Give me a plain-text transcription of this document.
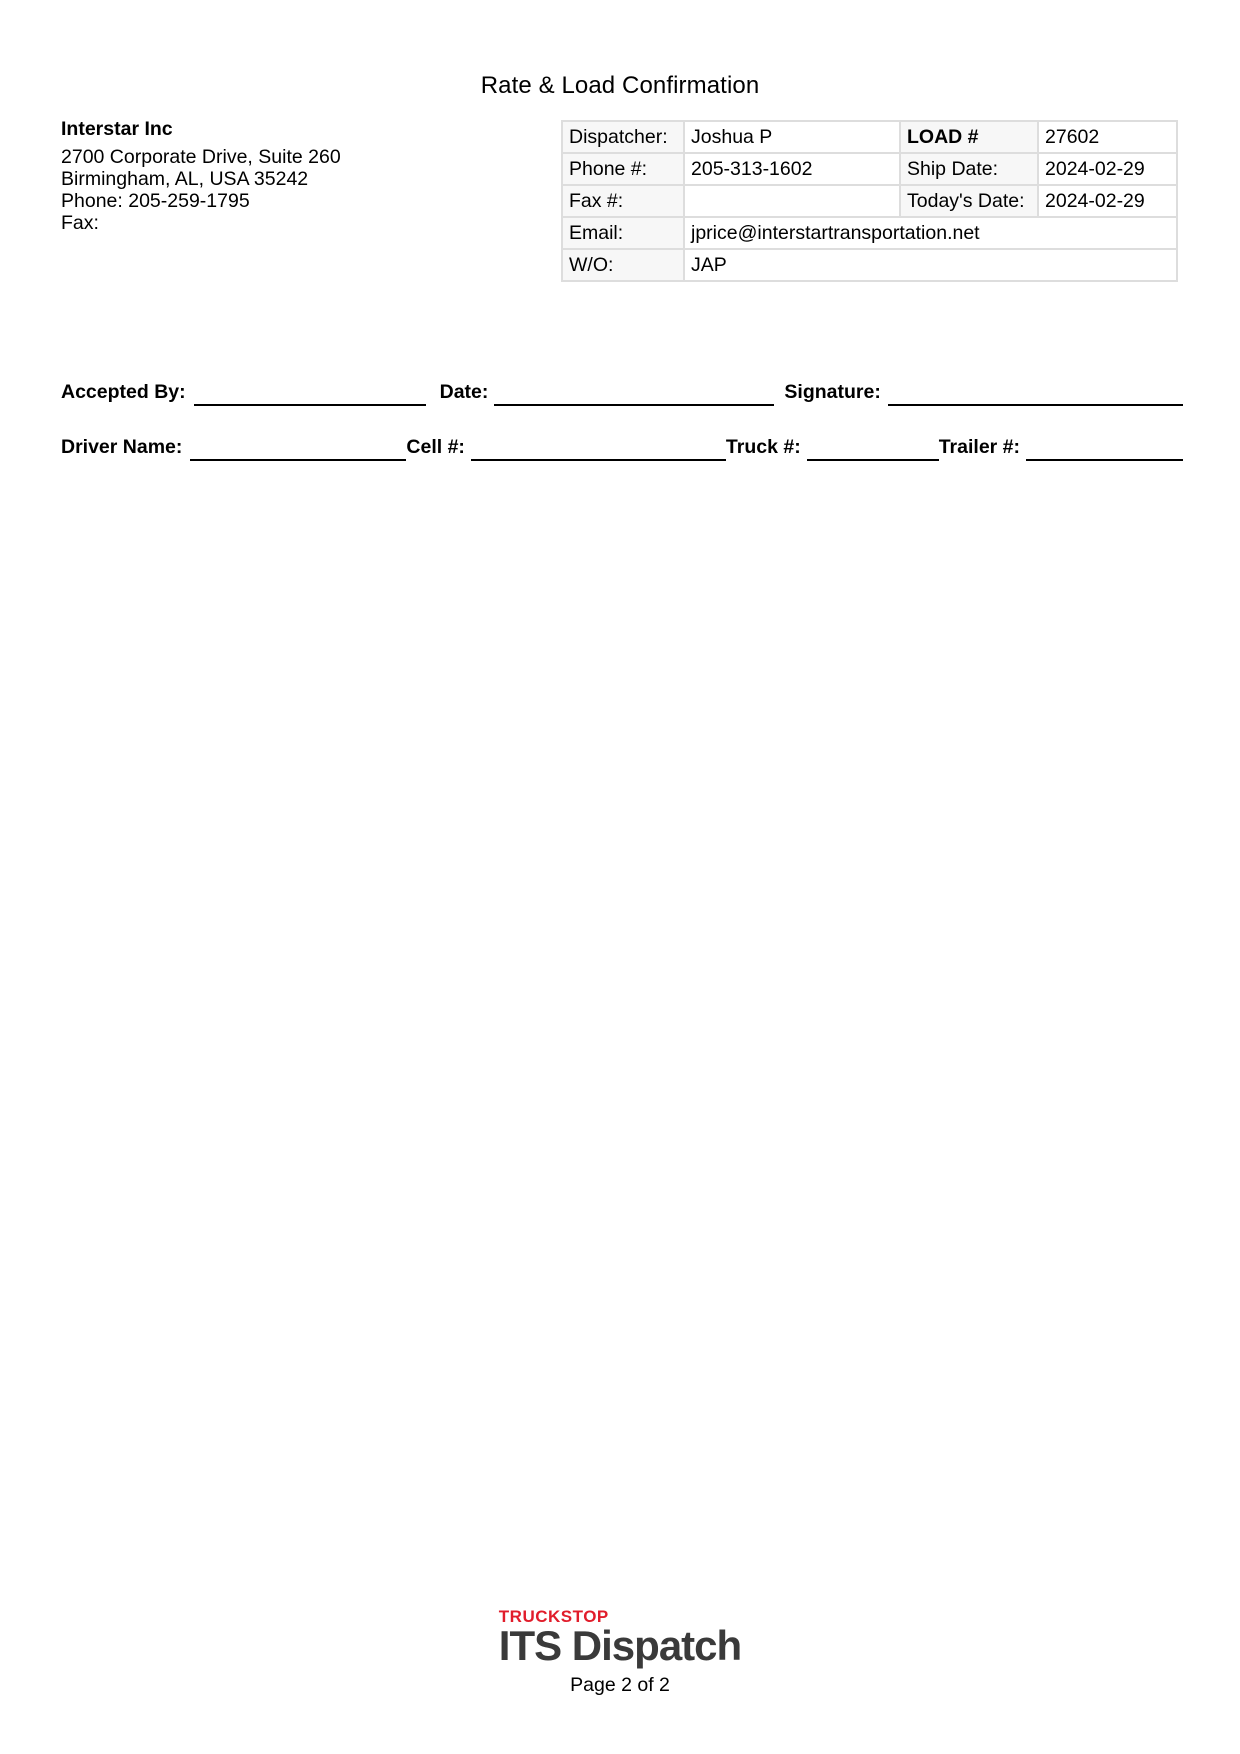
Rate & Load Confirmation
Interstar Inc
2700 Corporate Drive, Suite 260
Birmingham, AL, USA 35242
Phone: 205-259-1795
Fax:
Dispatcher:	Joshua P	LOAD #	27602
Phone #:	205-313-1602	Ship Date:	2024-02-29
Fax #:		Today's Date:	2024-02-29
Email:	jprice@interstartransportation.net		
W/O:	JAP		
Accepted By:	Date:	Signature:
Driver Name:	Cell #:	Truck #:	Trailer #:
TRUCKSTOP
ITS Dispatch
Page 2 of 2
